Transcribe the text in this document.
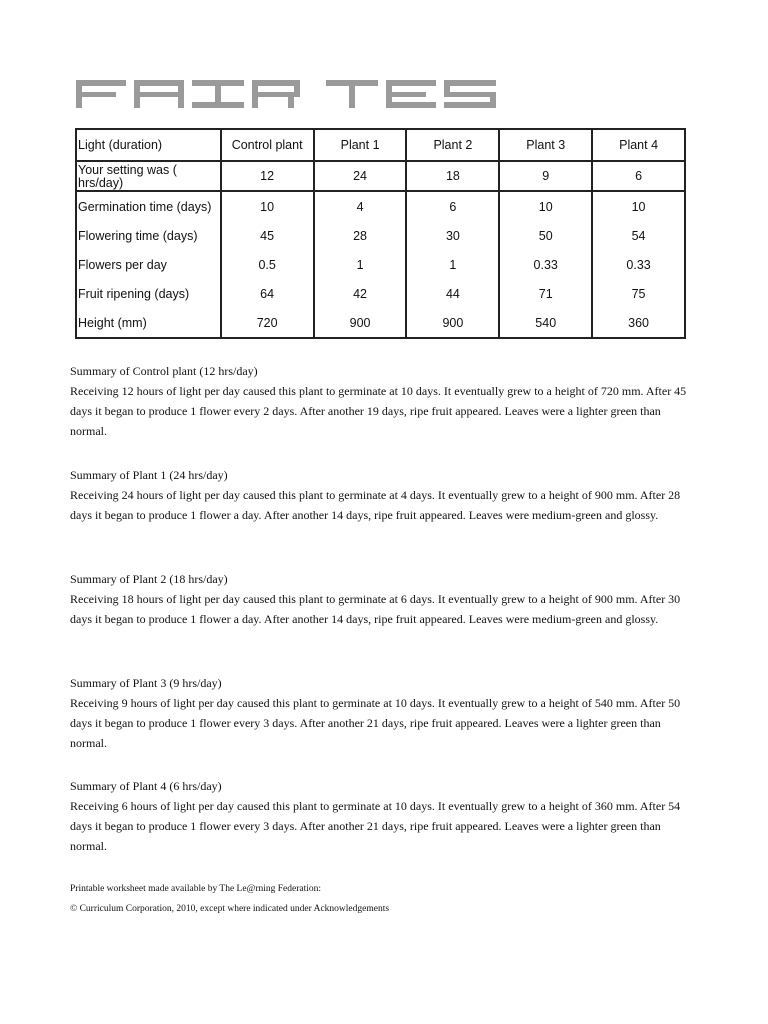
Light (duration)	Control plant	Plant 1	Plant 2	Plant 3	Plant 4
Your setting was ( hrs/day)	12	24	18	9	6
Germination time (days)	10	4	6	10	10
Flowering time (days)	45	28	30	50	54
Flowers per day	0.5	1	1	0.33	0.33
Fruit ripening (days)	64	42	44	71	75
Height (mm)	720	900	900	540	360
Summary of Control plant (12 hrs/day)
Receiving 12 hours of light per day caused this plant to germinate at 10 days. It eventually grew to a height of 720 mm. After 45 days it began to produce 1 flower every 2 days. After another 19 days, ripe fruit appeared. Leaves were a lighter green than normal.
Summary of Plant 1 (24 hrs/day)
Receiving 24 hours of light per day caused this plant to germinate at 4 days. It eventually grew to a height of 900 mm. After 28 days it began to produce 1 flower a day. After another 14 days, ripe fruit appeared. Leaves were medium-green and glossy.
Summary of Plant 2 (18 hrs/day)
Receiving 18 hours of light per day caused this plant to germinate at 6 days. It eventually grew to a height of 900 mm. After 30 days it began to produce 1 flower a day. After another 14 days, ripe fruit appeared. Leaves were medium-green and glossy.
Summary of Plant 3 (9 hrs/day)
Receiving 9 hours of light per day caused this plant to germinate at 10 days. It eventually grew to a height of 540 mm. After 50 days it began to produce 1 flower every 3 days. After another 21 days, ripe fruit appeared. Leaves were a lighter green than normal.
Summary of Plant 4 (6 hrs/day)
Receiving 6 hours of light per day caused this plant to germinate at 10 days. It eventually grew to a height of 360 mm. After 54 days it began to produce 1 flower every 3 days. After another 21 days, ripe fruit appeared. Leaves were a lighter green than normal.
Printable worksheet made available by The Le@rning Federation:
© Curriculum Corporation, 2010, except where indicated under Acknowledgements
